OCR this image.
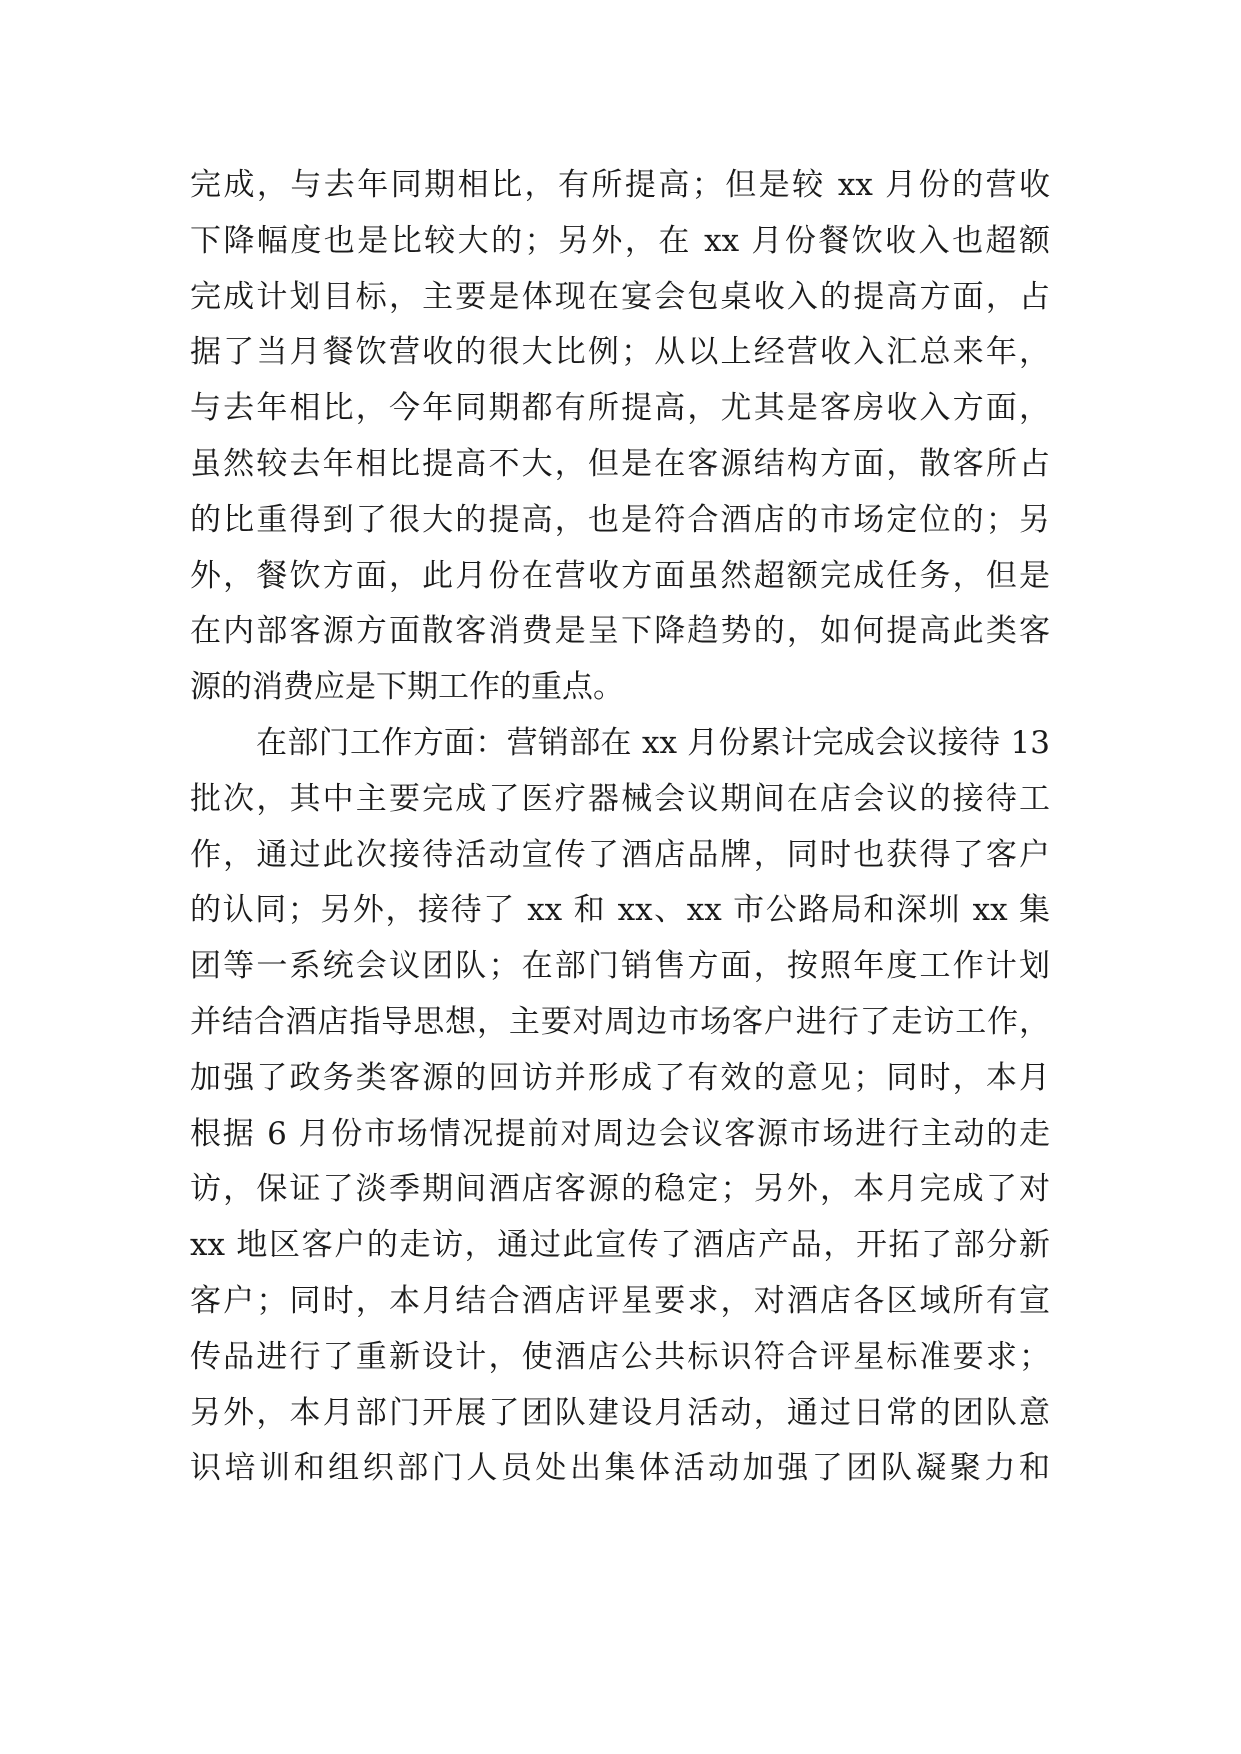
完成，与去年同期相比，有所提高；但是较 xx 月份的营收
下降幅度也是比较大的；另外，在 xx 月份餐饮收入也超额
完成计划目标，主要是体现在宴会包桌收入的提高方面，占
据了当月餐饮营收的很大比例；从以上经营收入汇总来年，
与去年相比，今年同期都有所提高，尤其是客房收入方面，
虽然较去年相比提高不大，但是在客源结构方面，散客所占
的比重得到了很大的提高，也是符合酒店的市场定位的；另
外，餐饮方面，此月份在营收方面虽然超额完成任务，但是
在内部客源方面散客消费是呈下降趋势的，如何提高此类客
源的消费应是下期工作的重点。
在部门工作方面：营销部在 xx 月份累计完成会议接待 13
批次，其中主要完成了医疗器械会议期间在店会议的接待工
作，通过此次接待活动宣传了酒店品牌，同时也获得了客户
的认同；另外，接待了 xx 和 xx、xx 市公路局和深圳 xx 集
团等一系统会议团队；在部门销售方面，按照年度工作计划
并结合酒店指导思想，主要对周边市场客户进行了走访工作，
加强了政务类客源的回访并形成了有效的意见；同时，本月
根据 6 月份市场情况提前对周边会议客源市场进行主动的走
访，保证了淡季期间酒店客源的稳定；另外，本月完成了对
xx 地区客户的走访，通过此宣传了酒店产品，开拓了部分新
客户；同时，本月结合酒店评星要求，对酒店各区域所有宣
传品进行了重新设计，使酒店公共标识符合评星标准要求；
另外，本月部门开展了团队建设月活动，通过日常的团队意
识培训和组织部门人员处出集体活动加强了团队凝聚力和
